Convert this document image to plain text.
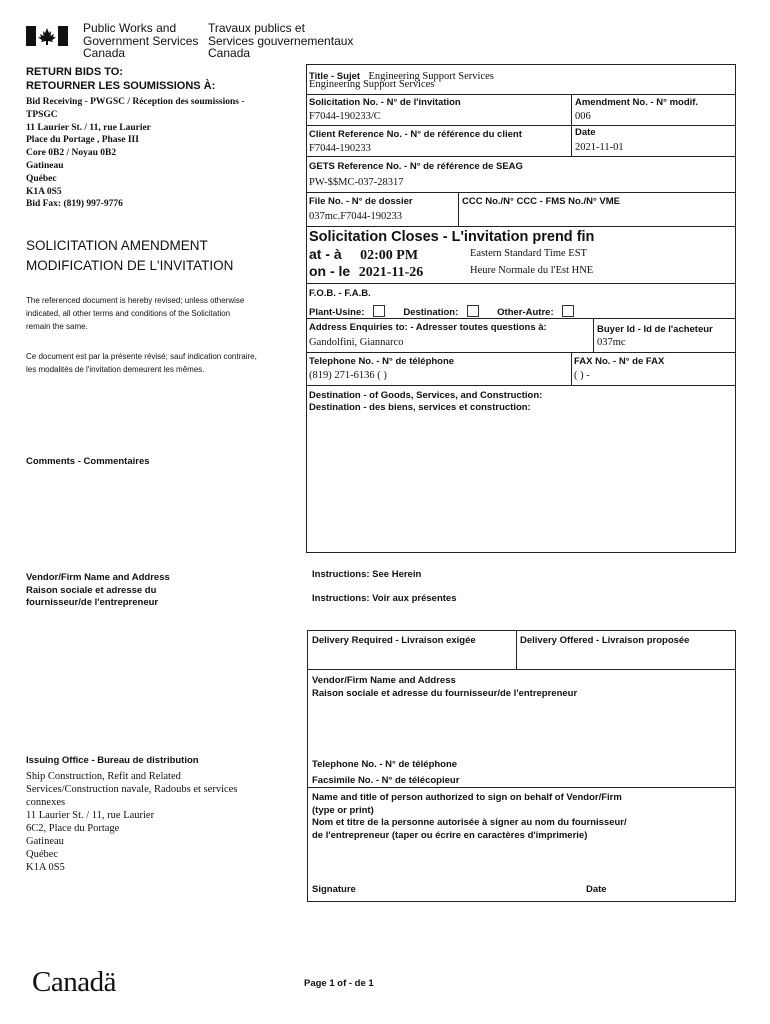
Public Works and
Government Services
Canada
Travaux publics et
Services gouvernementaux
Canada
RETURN BIDS TO:
RETOURNER LES SOUMISSIONS À:
Bid Receiving - PWGSC / Réception des soumissions -
TPSGC
11 Laurier St. / 11, rue Laurier
Place du Portage , Phase III
Core 0B2 / Noyau 0B2
Gatineau
Québec
K1A 0S5
Bid Fax: (819) 997-9776
SOLICITATION AMENDMENT
MODIFICATION DE L'INVITATION
The referenced document is hereby revised; unless otherwise
indicated, all other terms and conditions of the Solicitation
remain the same.
Ce document est par la présente révisé; sauf indication contraire,
les modalités de l'invitation demeurent les mêmes.
Comments - Commentaires
Vendor/Firm Name and Address
Raison sociale et adresse du
fournisseur/de l'entrepreneur
Issuing Office - Bureau de distribution
Ship Construction, Refit and Related
Services/Construction navale, Radoubs et services
connexes
11 Laurier St. / 11, rue Laurier
6C2, Place du Portage
Gatineau
Québec
K1A 0S5
Title - Sujet Engineering Support Services
Engineering Support Services
Solicitation No. - N° de l'invitation
F7044-190233/C
Amendment No. - N° modif.
006
Client Reference No. - N° de référence du client
F7044-190233
Date
2021-11-01
GETS Reference No. - N° de référence de SEAG
PW-$$MC-037-28317
File No. - N° de dossier
037mc.F7044-190233
CCC No./N° CCC - FMS No./N° VME
Solicitation Closes - L'invitation prend fin
at - à 02:00 PM
on - le 2021-11-26
Eastern Standard Time EST
Heure Normale du l'Est HNE
F.O.B. - F.A.B.
Plant-Usine:	Destination:	Other-Autre:
Address Enquiries to: - Adresser toutes questions à:
Gandolfini, Giannarco
Buyer Id - Id de l'acheteur
037mc
Telephone No. - N° de téléphone
(819) 271-6136 ( )
FAX No. - N° de FAX
( ) -
Destination - of Goods, Services, and Construction:
Destination - des biens, services et construction:
Instructions: See Herein
Instructions: Voir aux présentes
Delivery Required - Livraison exigée	Delivery Offered - Livraison proposée
Vendor/Firm Name and Address
Raison sociale et adresse du fournisseur/de l'entrepreneur
Telephone No. - N° de téléphone
Facsimile No. - N° de télécopieur
Name and title of person authorized to sign on behalf of Vendor/Firm
(type or print)
Nom et titre de la personne autorisée à signer au nom du fournisseur/
de l'entrepreneur (taper ou écrire en caractères d'imprimerie)
Signature	Date
Canadä	Page 1 of - de 1
